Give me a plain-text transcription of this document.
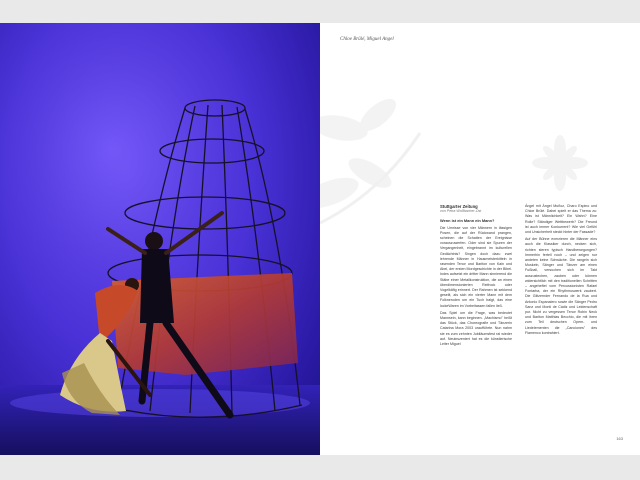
Chloe Brûlé, Miguel Angel
Stuttgarter Zeitung
von Petra Wolfbacher-Ost
Wenn ist ein Mann ein Mann?
Die Umrisse von vier Männern in lässigen Posen, die auf der Rückwand prangen, scheinen die Schatten der Ereignisse vorauszuwerfen. Oder sind sie Spuren der Vergangenheit, eingebrannt im kulturellen Gedächtnis? Singen doch dazu zwei lehrende Männer in Hausmeisterkitteln in rasenden Tenor und Bariton von Kain und Abel, der ersten Mordgeschichte in der Bibel. Indes aufsetzt ein dritter Mann sinnierend die Stäbe einer Metallkonstruktion, die an einen überdimensionierten Reifrock oder Vogelkäfig erinnert. Der Rahmen ist sekkend geseilt, als sich ein vierter Mann mit dem Folkneroden um ein Tuch balgt, das eine lockeWaren im Vorbeitassen fallen ließ.
Das Spiel um die Frage, was bedeutet Mannsein, kann beginnen. „Machismo" heißt das Stück, das Choreografie und Tänzerin Catarina Mora 2003 uraufführte. Nun nahm sie es zum zehnten Jubiläumsfest ral wieder auf. Neuinszeniert hat es die künstlerische Leiter Miguel
Ángel mit Ángel Muñoz, Charo Espino und Chloe Brûlé. Dabei spielt er das Thema zu: Was ist Männlichkeit? Ein Wahn? Eine Rolle? Ständiger Wettbewerb? Die Freund ist auch immer Konkurrent? Wie viel Gefühl und Unsicherheit steckt hinter der Fassade?
Auf der Bühne exerzieren die Männer eins auch die Klassiker durch, necken sich, richten steren typisch Handbewegungen? Immerhin fertell noch – und zeigen nur andeten keine Schwäche. Die rangeln sich Muskeln, Sänger und Tänzer am einen Fußball, versuchen sich im Takt auszustechen, zauben oder können widersichtlich mit den traditionellen Schritten – angeheftet vom Percussionisten Rafael Fontarba, der ein Rhythmuswerk zaubert. Die Glitzernder Fernando de la Rua und Antonio Espanalero sowie die Sänger Pedro Sanz und Monti de Cádiz und Leidenschaft pur. Nicht zu vergessen Tenor Robin Neck und Bariton Matthias Becchio, die mit ihren zum Teil deutschen Opern- und Liedelementen die „Canciones" des Flamenco kontrahiert.
163
